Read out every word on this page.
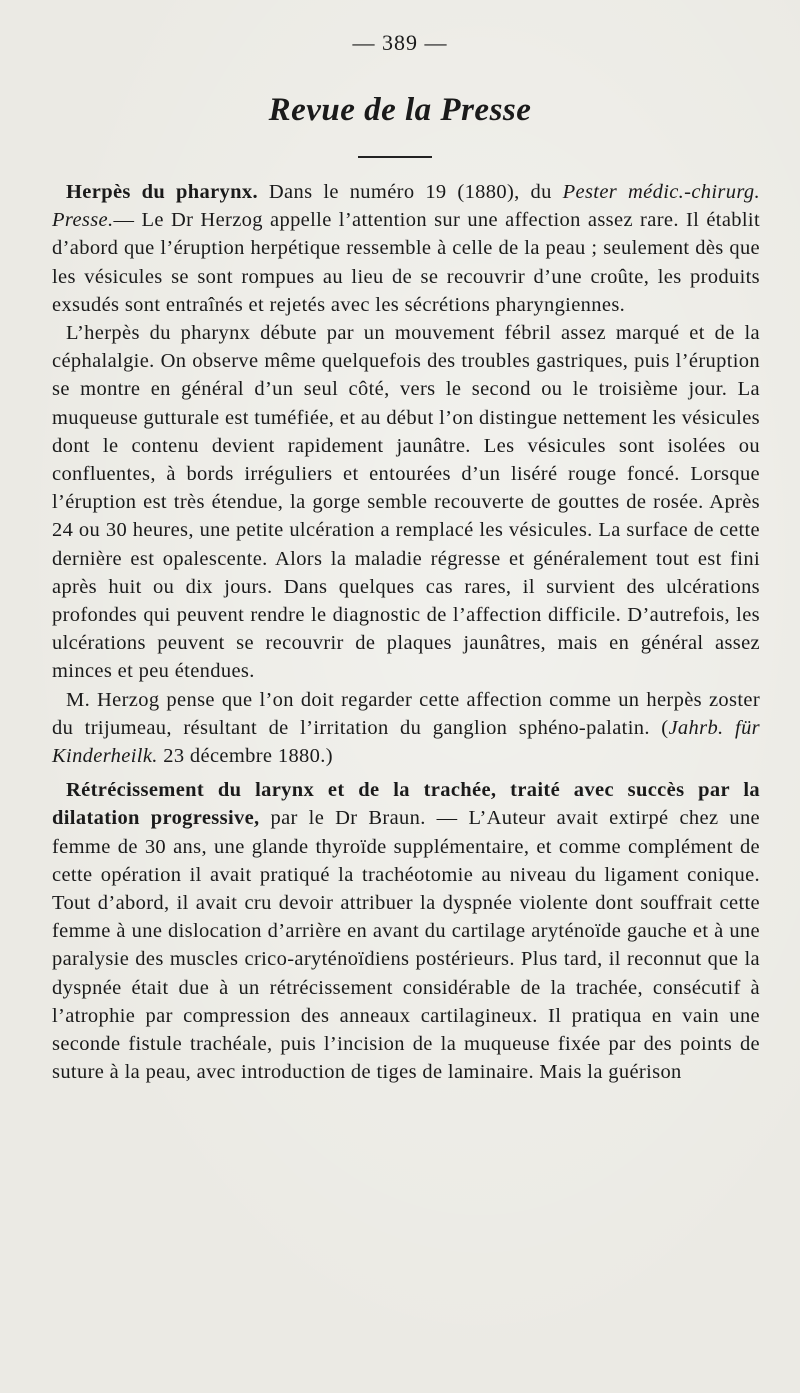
— 389 —
Revue de la Presse

Herpès du pharynx. Dans le numéro 19 (1880), du Pester médic.-chirurg. Presse.— Le Dr Herzog appelle l’attention sur une affection assez rare. Il établit d’abord que l’éruption herpétique ressemble à celle de la peau ; seulement dès que les vésicules se sont rompues au lieu de se recouvrir d’une croûte, les produits exsudés sont entraînés et rejetés avec les sécrétions pharyngiennes.

L’herpès du pharynx débute par un mouvement fébril assez marqué et de la céphalalgie. On observe même quelquefois des troubles gastriques, puis l’éruption se montre en général d’un seul côté, vers le second ou le troisième jour. La muqueuse gutturale est tuméfiée, et au début l’on distingue nettement les vésicules dont le contenu devient rapidement jaunâtre. Les vésicules sont isolées ou confluentes, à bords irréguliers et entourées d’un liséré rouge foncé. Lorsque l’éruption est très étendue, la gorge semble recouverte de gouttes de rosée. Après 24 ou 30 heures, une petite ulcération a remplacé les vésicules. La surface de cette dernière est opalescente. Alors la maladie régresse et généralement tout est fini après huit ou dix jours. Dans quelques cas rares, il survient des ulcérations profondes qui peuvent rendre le diagnostic de l’affection difficile. D’autrefois, les ulcérations peuvent se recouvrir de plaques jaunâtres, mais en général assez minces et peu étendues.

M. Herzog pense que l’on doit regarder cette affection comme un herpès zoster du trijumeau, résultant de l’irritation du ganglion sphéno-palatin. (Jahrb. für Kinderheilk. 23 décembre 1880.)

Rétrécissement du larynx et de la trachée, traité avec succès par la dilatation progressive, par le Dr Braun. — L’Auteur avait extirpé chez une femme de 30 ans, une glande thyroïde supplémentaire, et comme complément de cette opération il avait pratiqué la trachéotomie au niveau du ligament conique. Tout d’abord, il avait cru devoir attribuer la dyspnée violente dont souffrait cette femme à une dislocation d’arrière en avant du cartilage aryténoïde gauche et à une paralysie des muscles crico-aryténoïdiens postérieurs. Plus tard, il reconnut que la dyspnée était due à un rétrécissement considérable de la trachée, consécutif à l’atrophie par compression des anneaux cartilagineux. Il pratiqua en vain une seconde fistule trachéale, puis l’incision de la muqueuse fixée par des points de suture à la peau, avec introduction de tiges de laminaire. Mais la guérison
